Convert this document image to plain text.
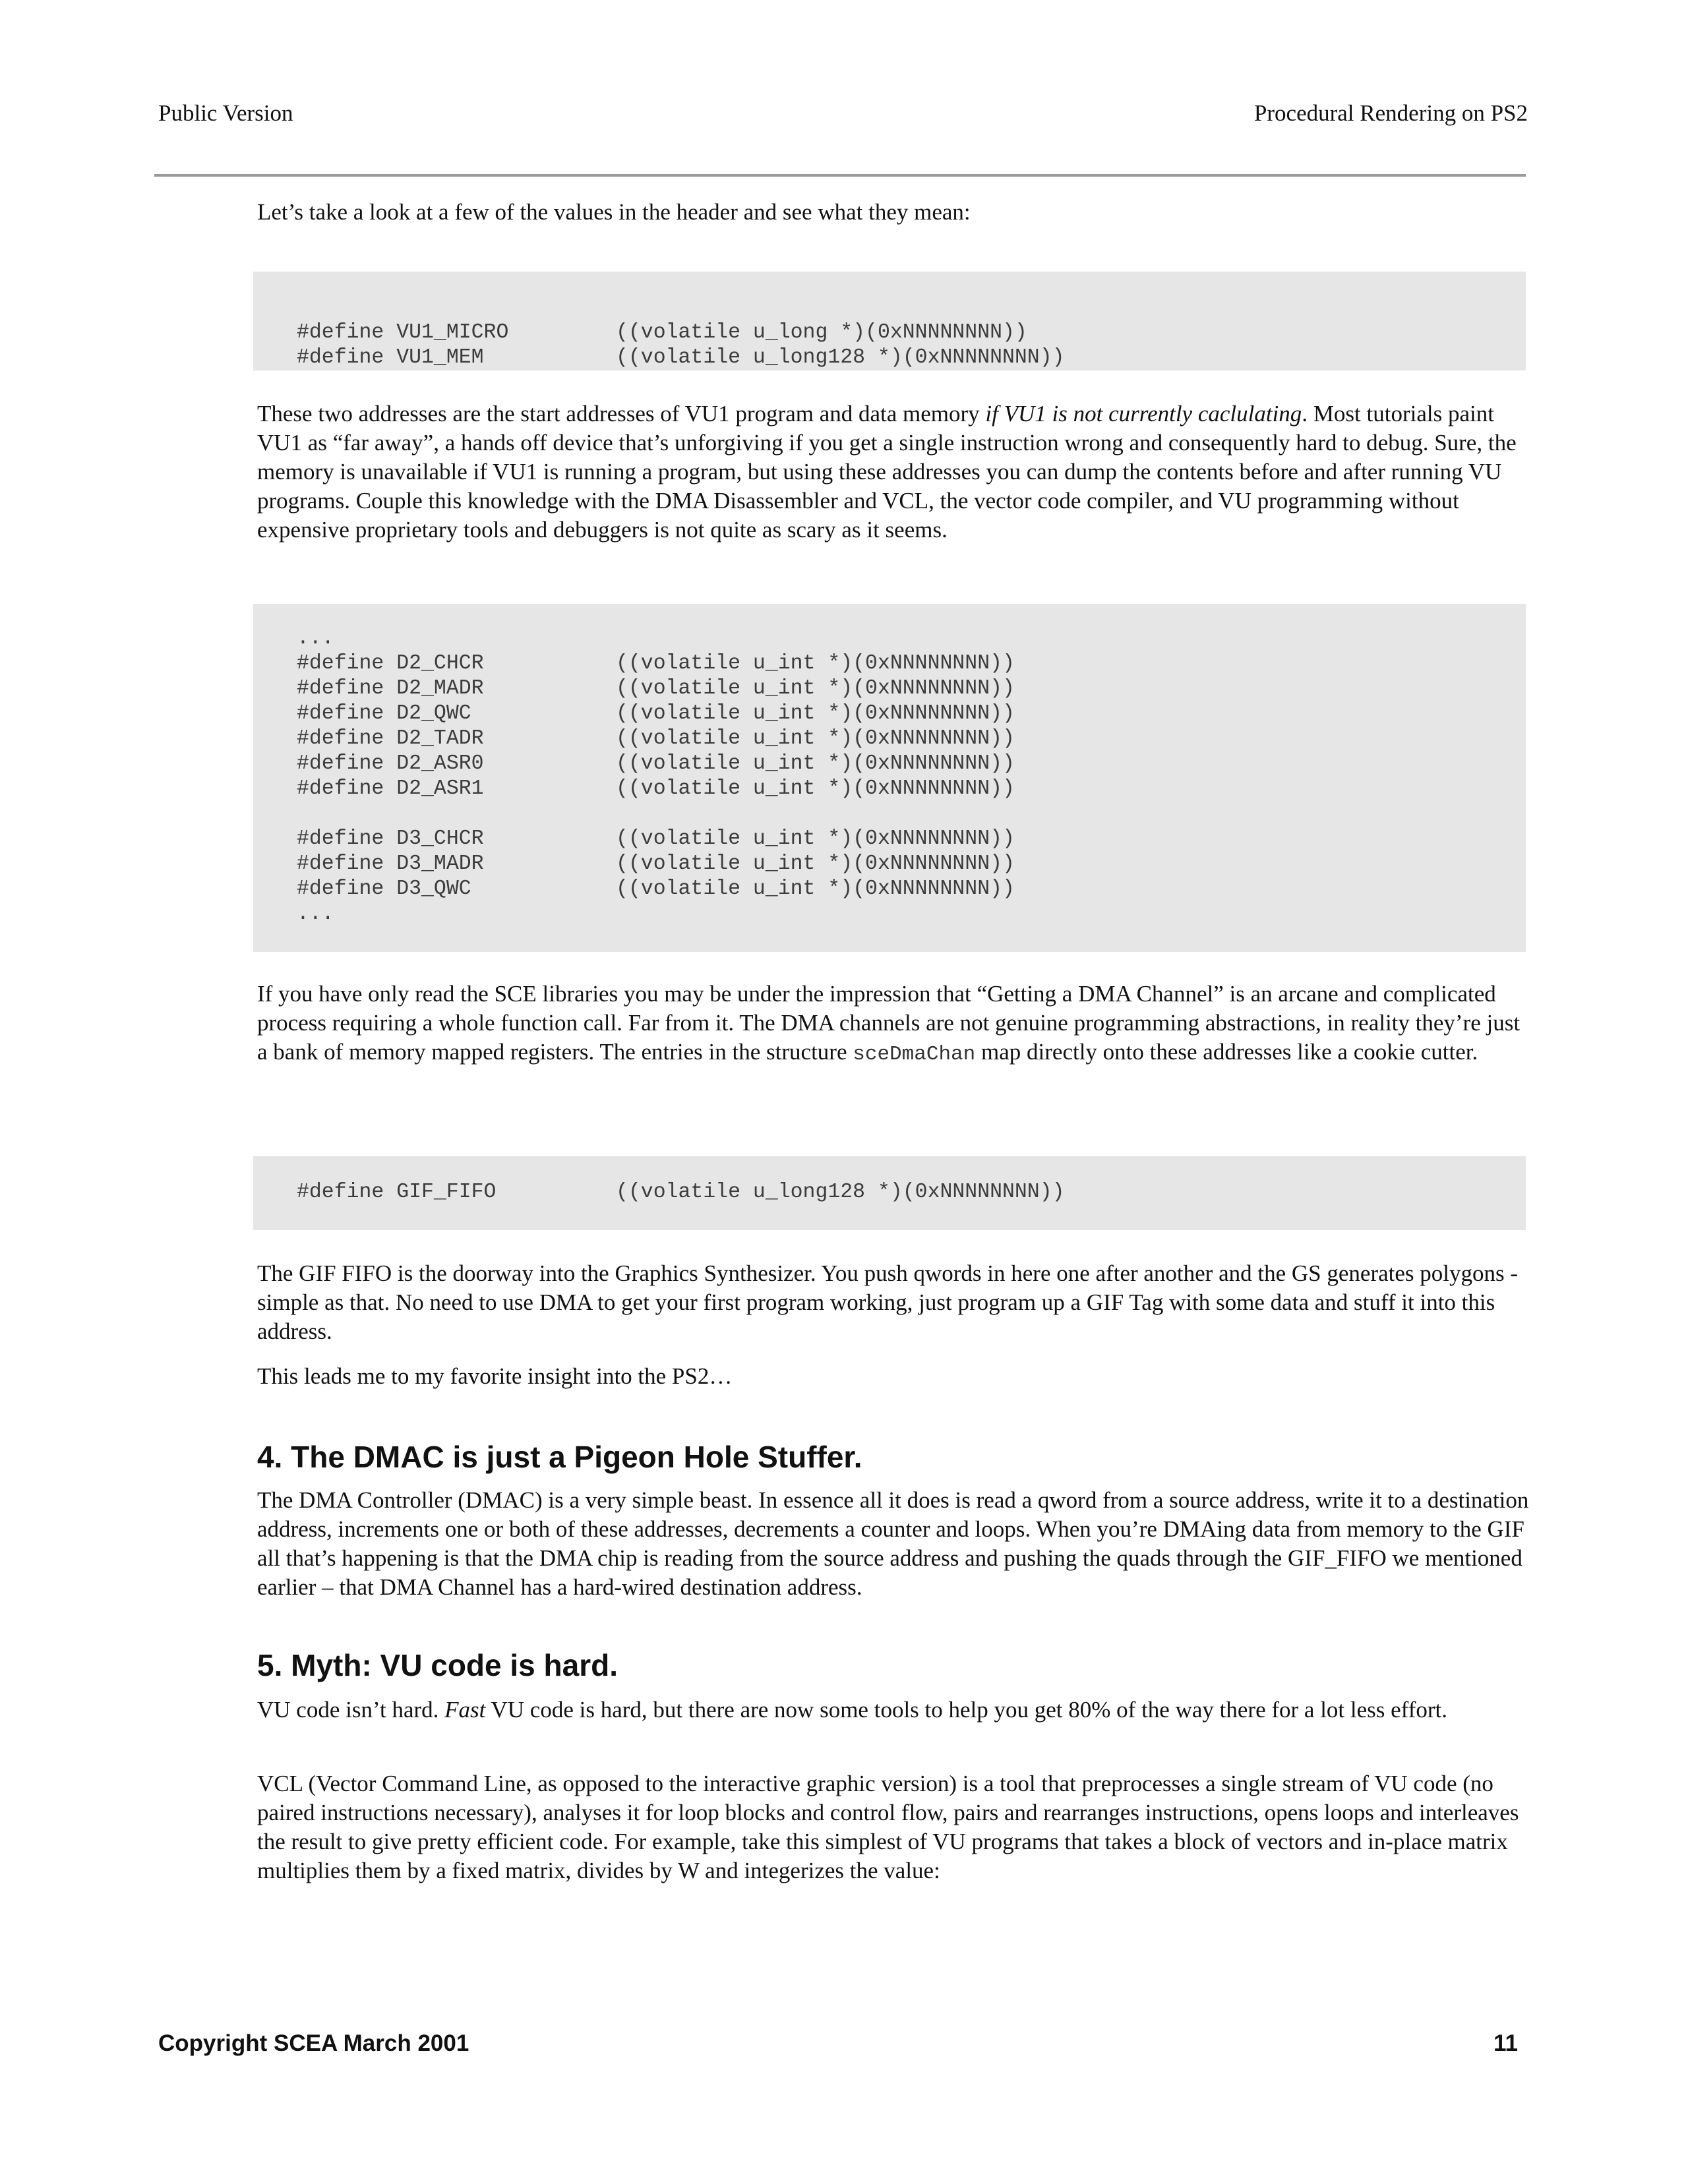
Public Version	Procedural Rendering on PS2

Let’s take a look at a few of the values in the header and see what they mean:

#define VU1_MICRO	((volatile u_long *)(0xNNNNNNNN))

#define VU1_MEM	((volatile u_long128 *)(0xNNNNNNNN))

These two addresses are the start addresses of VU1 program and data memory if VU1 is not currently caclulating. Most tutorials paint VU1 as “far away”, a hands off device that’s unforgiving if you get a single instruction wrong and consequently hard to debug. Sure, the memory is unavailable if VU1 is running a program, but using these addresses you can dump the contents before and after running VU programs. Couple this knowledge with the DMA Disassembler and VCL, the vector code compiler, and VU programming without expensive proprietary tools and debuggers is not quite as scary as it seems.

...
#define D2_CHCR	((volatile u_int *)(0xNNNNNNNN))
#define D2_MADR	((volatile u_int *)(0xNNNNNNNN))
#define D2_QWC	((volatile u_int *)(0xNNNNNNNN))
#define D2_TADR	((volatile u_int *)(0xNNNNNNNN))
#define D2_ASR0	((volatile u_int *)(0xNNNNNNNN))
#define D2_ASR1	((volatile u_int *)(0xNNNNNNNN))
#define D3_CHCR	((volatile u_int *)(0xNNNNNNNN))
#define D3_MADR	((volatile u_int *)(0xNNNNNNNN))
#define D3_QWC	((volatile u_int *)(0xNNNNNNNN))
...

If you have only read the SCE libraries you may be under the impression that “Getting a DMA Channel” is an arcane and complicated process requiring a whole function call. Far from it. The DMA channels are not genuine programming abstractions, in reality they’re just a bank of memory mapped registers. The entries in the structure sceDmaChan map directly onto these addresses like a cookie cutter.

#define GIF_FIFO	((volatile u_long128 *)(0xNNNNNNNN))

The GIF FIFO is the doorway into the Graphics Synthesizer. You push qwords in here one after another and the GS generates polygons - simple as that. No need to use DMA to get your first program working, just program up a GIF Tag with some data and stuff it into this address.

This leads me to my favorite insight into the PS2…

4. The DMAC is just a Pigeon Hole Stuffer.

The DMA Controller (DMAC) is a very simple beast. In essence all it does is read a qword from a source address, write it to a destination address, increments one or both of these addresses, decrements a counter and loops. When you’re DMAing data from memory to the GIF all that’s happening is that the DMA chip is reading from the source address and pushing the quads through the GIF_FIFO we mentioned earlier – that DMA Channel has a hard-wired destination address.

5. Myth: VU code is hard.

VU code isn’t hard. Fast VU code is hard, but there are now some tools to help you get 80% of the way there for a lot less effort.

VCL (Vector Command Line, as opposed to the interactive graphic version) is a tool that preprocesses a single stream of VU code (no paired instructions necessary), analyses it for loop blocks and control flow, pairs and rearranges instructions, opens loops and interleaves the result to give pretty efficient code. For example, take this simplest of VU programs that takes a block of vectors and in-place matrix multiplies them by a fixed matrix, divides by W and integerizes the value:

Copyright SCEA March 2001	11
